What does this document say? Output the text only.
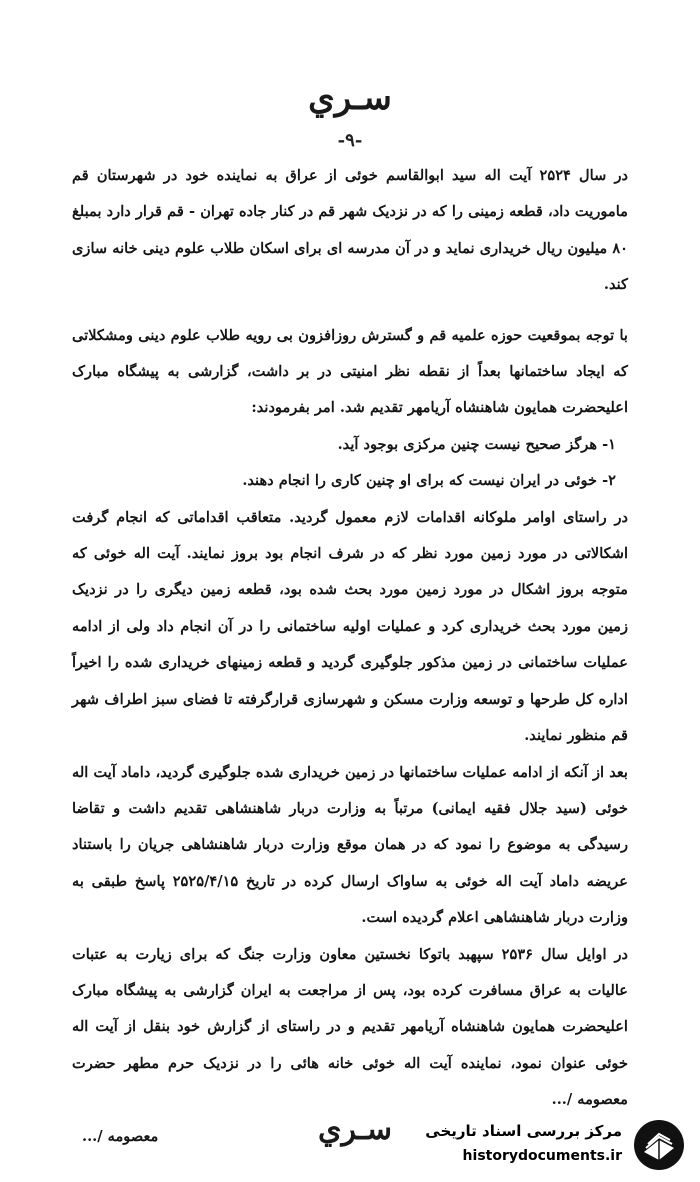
سـري
-٩-

در سال ۲۵۲۴ آیت اله سید ابوالقاسم خوئی از عراق به نماینده خود در شهرستان قم ماموریت داد، قطعه زمینی را که در نزدیک شهر قم در کنار جاده تهران - قم قرار دارد بمبلغ ۸۰ میلیون ریال خریداری نماید و در آن مدرسه ای برای اسکان طلاب علوم دینی خانه سازی کند.

با توجه بموقعیت حوزه علمیه قم و گسترش روزافزون بی رویه طلاب علوم دینی ومشکلاتی که ایجاد ساختمانها بعداً از نقطه نظر امنیتی در بر داشت، گزارشی به پیشگاه مبارک اعلیحضرت همایون شاهنشاه آریامهر تقدیم شد. امر بفرمودند:

۱- هرگز صحیح نیست چنین مرکزی بوجود آید.

۲- خوئی در ایران نیست که برای او چنین کاری را انجام دهند.

در راستای اوامر ملوکانه اقدامات لازم معمول گردید. متعاقب اقداماتی که انجام گرفت اشکالاتی در مورد زمین مورد نظر که در شرف انجام بود بروز نمایند. آیت اله خوئی که متوجه بروز اشکال در مورد زمین مورد بحث شده بود، قطعه زمین دیگری را در نزدیک زمین مورد بحث خریداری کرد و عملیات اولیه ساختمانی را در آن انجام داد ولی از ادامه عملیات ساختمانی در زمین مذکور جلوگیری گردید و قطعه زمینهای خریداری شده را اخیراً اداره کل طرحها و توسعه وزارت مسکن و شهرسازی قرارگرفته تا فضای سبز اطراف شهر قم منظور نمایند.

بعد از آنکه از ادامه عملیات ساختمانها در زمین خریداری شده جلوگیری گردید، داماد آیت اله خوئی (سید جلال فقیه ایمانی) مرتباً به وزارت دربار شاهنشاهی تقدیم داشت و تقاضا رسیدگی به موضوع را نمود که در همان موقع وزارت دربار شاهنشاهی جریان را باستناد عریضه داماد آیت اله خوئی به ساواک ارسال کرده در تاریخ ۲۵۲۵/۴/۱۵ پاسخ طبقی به وزارت دربار شاهنشاهی اعلام گردیده است.

در اوایل سال ۲۵۳۶ سپهبد باتوکا نخستین معاون وزارت جنگ که برای زیارت به عتبات عالیات به عراق مسافرت کرده بود، پس از مراجعت به ایران گزارشی به پیشگاه مبارک اعلیحضرت همایون شاهنشاه آریامهر تقدیم و در راستای از گزارش خود بنقل از آیت اله خوئی عنوان نمود، نماینده آیت اله خوئی خانه هائی را در نزدیک حرم مطهر حضرت معصومه /...

.../ معصومه	سـري مرکز بررسی اسناد تاریخی
historydocuments.ir
